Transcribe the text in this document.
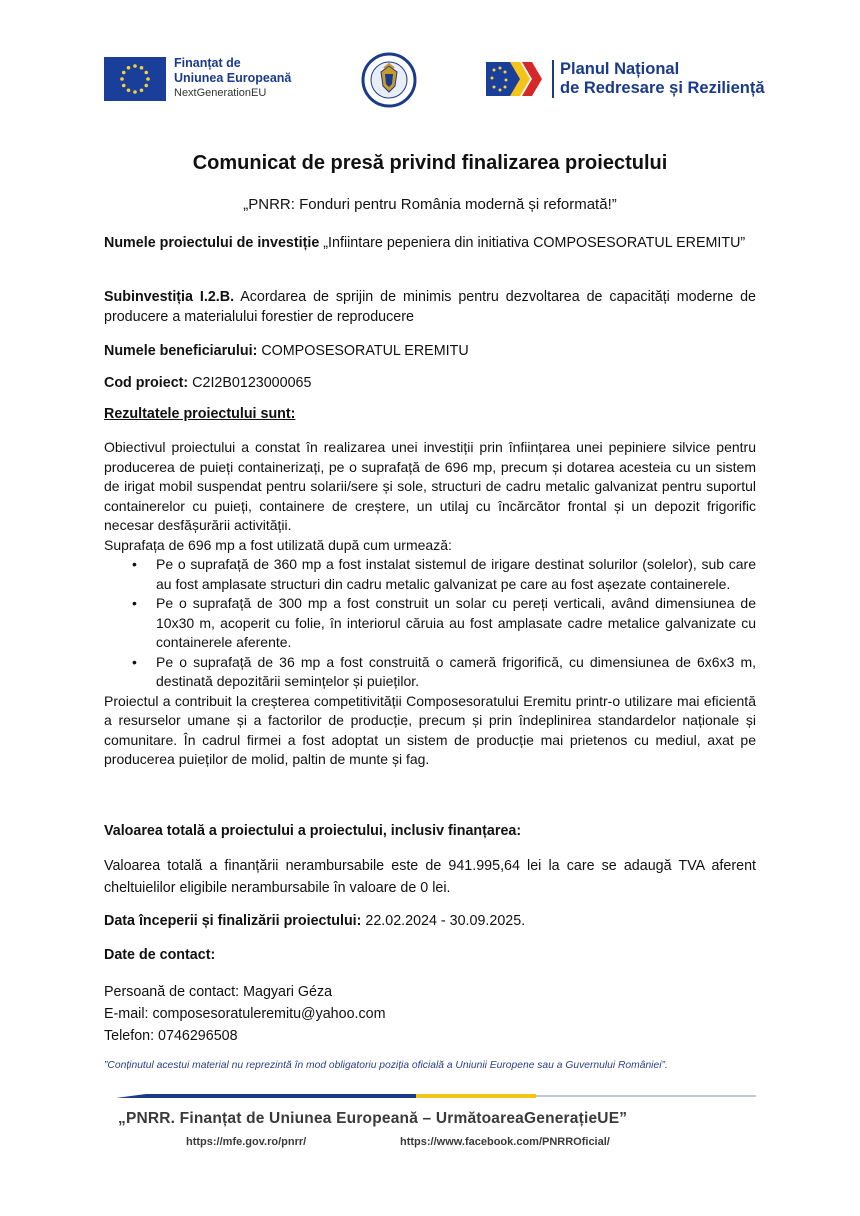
Finanțat de
Uniunea Europeană
NextGenerationEU
Planul Național
de Redresare și Reziliență
Comunicat de presă privind finalizarea proiectului
„PNRR: Fonduri pentru România modernă și reformată!”
Numele proiectului de investiție „Infiintare pepeniera din initiativa COMPOSESORATUL EREMITU”
Subinvestiția I.2.B. Acordarea de sprijin de minimis pentru dezvoltarea de capacități moderne de producere a materialului forestier de reproducere
Numele beneficiarului: COMPOSESORATUL EREMITU
Cod proiect: C2I2B0123000065
Rezultatele proiectului sunt:
Obiectivul proiectului a constat în realizarea unei investiții prin înființarea unei pepiniere silvice pentru producerea de puieți containerizați, pe o suprafață de 696 mp, precum și dotarea acesteia cu un sistem de irigat mobil suspendat pentru solarii/sere și sole, structuri de cadru metalic galvanizat pentru suportul containerelor cu puieți, containere de creștere, un utilaj cu încărcător frontal și un depozit frigorific necesar desfășurării activității.
Suprafața de 696 mp a fost utilizată după cum urmează:
• Pe o suprafață de 360 mp a fost instalat sistemul de irigare destinat solurilor (solelor), sub care au fost amplasate structuri din cadru metalic galvanizat pe care au fost așezate containerele.
• Pe o suprafață de 300 mp a fost construit un solar cu pereți verticali, având dimensiunea de 10x30 m, acoperit cu folie, în interiorul căruia au fost amplasate cadre metalice galvanizate cu containerele aferente.
• Pe o suprafață de 36 mp a fost construită o cameră frigorifică, cu dimensiunea de 6x6x3 m, destinată depozitării semințelor și puieților.
Proiectul a contribuit la creșterea competitivității Composesoratului Eremitu printr-o utilizare mai eficientă a resurselor umane și a factorilor de producție, precum și prin îndeplinirea standardelor naționale și comunitare. În cadrul firmei a fost adoptat un sistem de producție mai prietenos cu mediul, axat pe producerea puieților de molid, paltin de munte și fag.
Valoarea totală a proiectului a proiectului, inclusiv finanțarea:
Valoarea totală a finanțării nerambursabile este de 941.995,64 lei la care se adaugă TVA aferent cheltuielilor eligibile nerambursabile în valoare de 0 lei.
Data începerii și finalizării proiectului: 22.02.2024 - 30.09.2025.
Date de contact:
Persoană de contact: Magyari Géza
E-mail: composesoratuleremitu@yahoo.com
Telefon: 0746296508
”Conținutul acestui material nu reprezintă în mod obligatoriu poziția oficială a Uniunii Europene sau a Guvernului României”.
„PNRR. Finanțat de Uniunea Europeană – UrmătoareaGenerațieUE”
https://mfe.gov.ro/pnrr/	https://www.facebook.com/PNRROficial/
